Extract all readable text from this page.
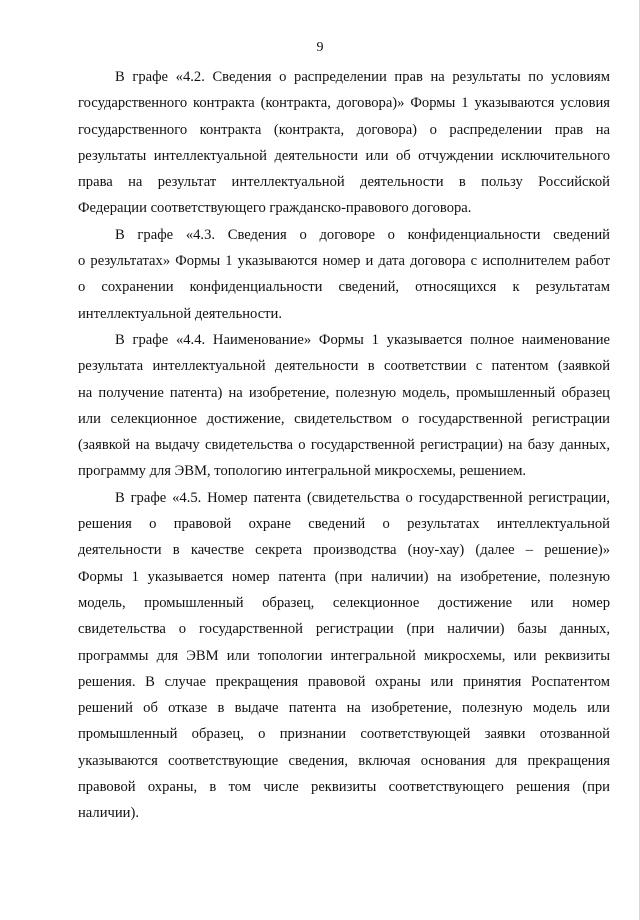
9

В графе «4.2. Сведения о распределении прав на результаты по условиям
государственного контракта (контракта, договора)» Формы 1 указываются условия
государственного контракта (контракта, договора) о распределении прав на
результаты интеллектуальной деятельности или об отчуждении исключительного
права на результат интеллектуальной деятельности в пользу Российской
Федерации соответствующего гражданско-правового договора.

В графе «4.3. Сведения о договоре о конфиденциальности сведений
о результатах» Формы 1 указываются номер и дата договора с исполнителем работ
о сохранении конфиденциальности сведений, относящихся к результатам
интеллектуальной деятельности.

В графе «4.4. Наименование» Формы 1 указывается полное наименование
результата интеллектуальной деятельности в соответствии с патентом (заявкой
на получение патента) на изобретение, полезную модель, промышленный образец
или селекционное достижение, свидетельством о государственной регистрации
(заявкой на выдачу свидетельства о государственной регистрации) на базу данных,
программу для ЭВМ, топологию интегральной микросхемы, решением.

В графе «4.5. Номер патента (свидетельства о государственной регистрации,
решения о правовой охране сведений о результатах интеллектуальной
деятельности в качестве секрета производства (ноу-хау) (далее – решение)»
Формы 1 указывается номер патента (при наличии) на изобретение, полезную
модель, промышленный образец, селекционное достижение или номер
свидетельства о государственной регистрации (при наличии) базы данных,
программы для ЭВМ или топологии интегральной микросхемы, или реквизиты
решения. В случае прекращения правовой охраны или принятия Роспатентом
решений об отказе в выдаче патента на изобретение, полезную модель или
промышленный образец, о признании соответствующей заявки отозванной
указываются соответствующие сведения, включая основания для прекращения
правовой охраны, в том числе реквизиты соответствующего решения (при
наличии).
